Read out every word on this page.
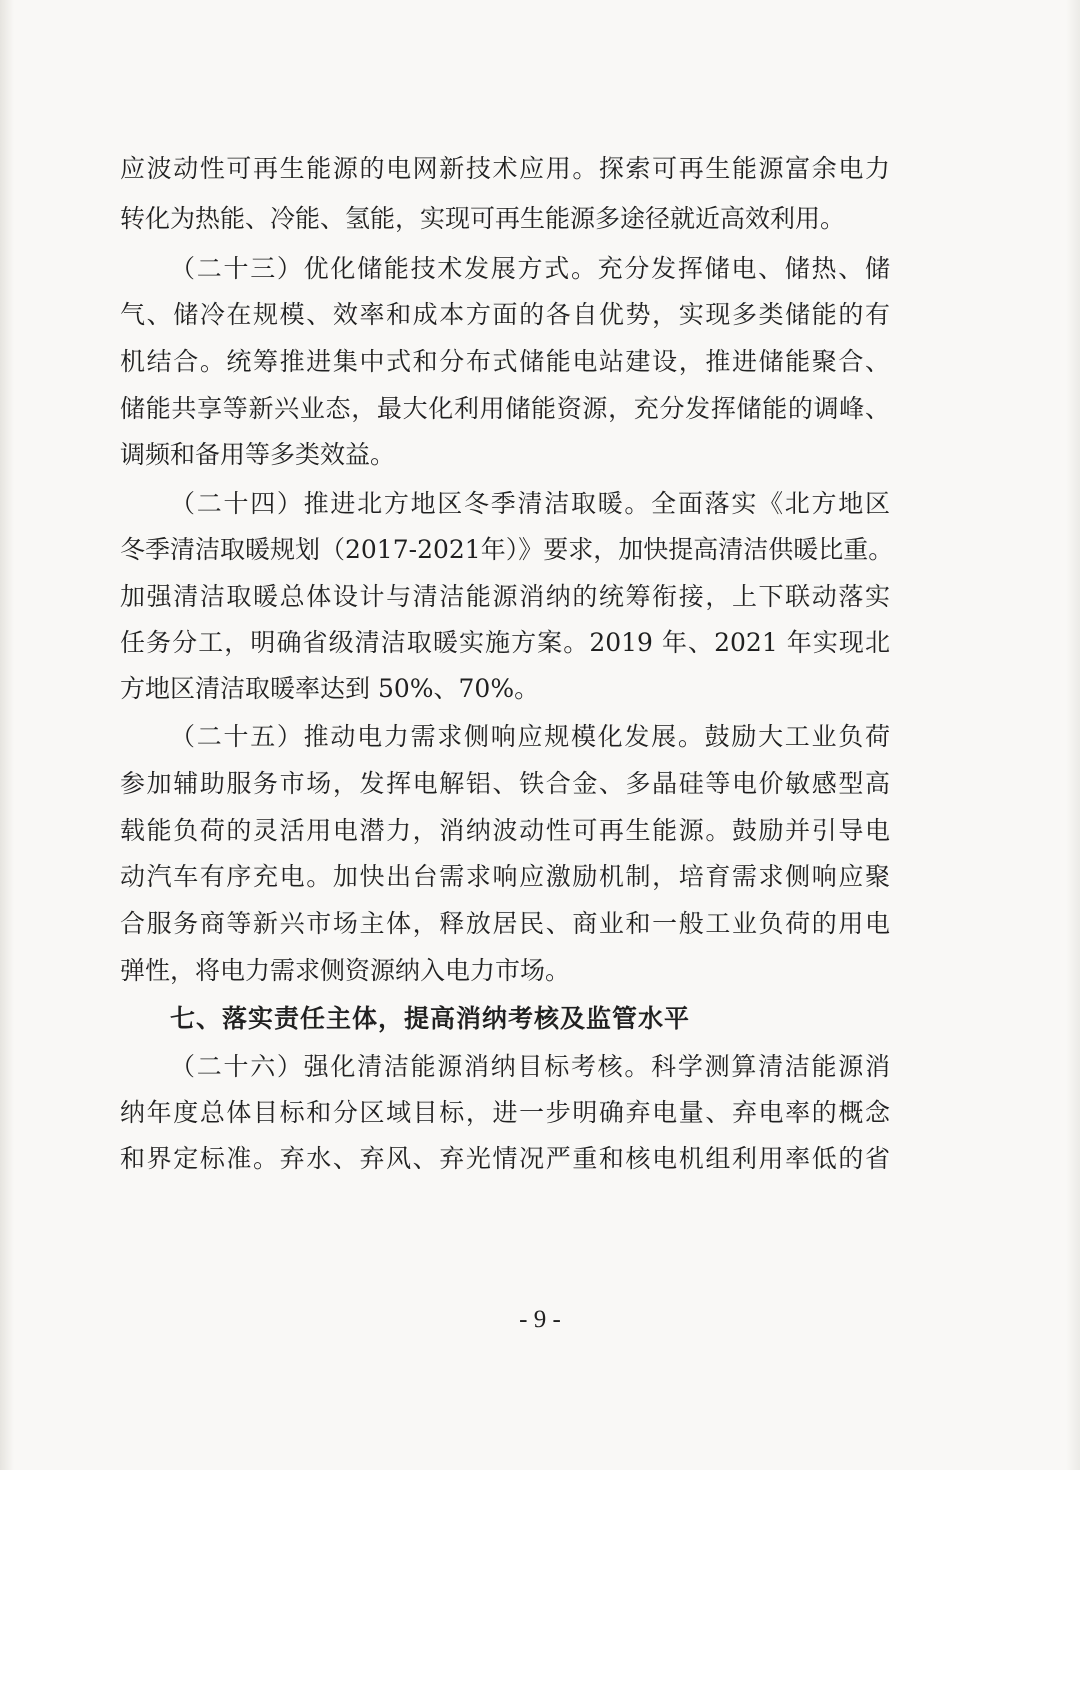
应波动性可再生能源的电网新技术应用。探索可再生能源富余电力

转化为热能、冷能、氢能，实现可再生能源多途径就近高效利用。

（二十三）优化储能技术发展方式。充分发挥储电、储热、储

气、储冷在规模、效率和成本方面的各自优势，实现多类储能的有

机结合。统筹推进集中式和分布式储能电站建设，推进储能聚合、

储能共享等新兴业态，最大化利用储能资源，充分发挥储能的调峰、

调频和备用等多类效益。

（二十四）推进北方地区冬季清洁取暖。全面落实《北方地区

冬季清洁取暖规划（2017-2021年）》要求，加快提高清洁供暖比重。

加强清洁取暖总体设计与清洁能源消纳的统筹衔接，上下联动落实

任务分工，明确省级清洁取暖实施方案。2019 年、2021 年实现北

方地区清洁取暖率达到 50%、70%。

（二十五）推动电力需求侧响应规模化发展。鼓励大工业负荷

参加辅助服务市场，发挥电解铝、铁合金、多晶硅等电价敏感型高

载能负荷的灵活用电潜力，消纳波动性可再生能源。鼓励并引导电

动汽车有序充电。加快出台需求响应激励机制，培育需求侧响应聚

合服务商等新兴市场主体，释放居民、商业和一般工业负荷的用电

弹性，将电力需求侧资源纳入电力市场。

七、落实责任主体，提高消纳考核及监管水平

（二十六）强化清洁能源消纳目标考核。科学测算清洁能源消

纳年度总体目标和分区域目标，进一步明确弃电量、弃电率的概念

和界定标准。弃水、弃风、弃光情况严重和核电机组利用率低的省

- 9 -
